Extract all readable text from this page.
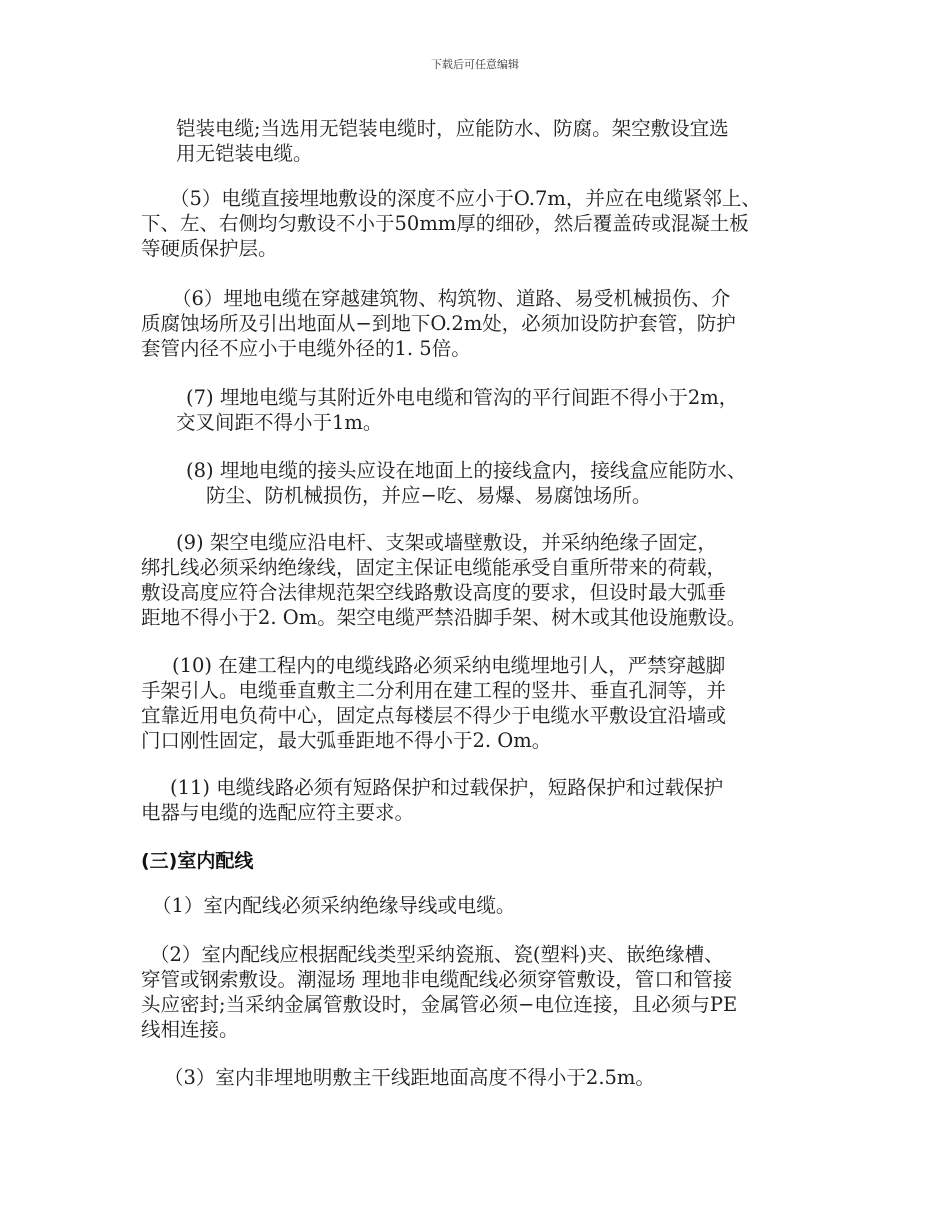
下载后可任意编辑
铠装电缆;当选用无铠装电缆时，应能防水、防腐。架空敷设宜选
用无铠装电缆。
（5）电缆直接埋地敷设的深度不应小于O.7m，并应在电缆紧邻上、
下、左、右侧均匀敷设不小于50mm厚的细砂，然后覆盖砖或混凝土板
等硬质保护层。
（6）埋地电缆在穿越建筑物、构筑物、道路、易受机械损伤、介
质腐蚀场所及引出地面从−到地下O.2m处，必须加设防护套管，防护
套管内径不应小于电缆外径的1. 5倍。
(7) 埋地电缆与其附近外电电缆和管沟的平行间距不得小于2m，
交叉间距不得小于1m。
(8) 埋地电缆的接头应设在地面上的接线盒内，接线盒应能防水、
防尘、防机械损伤，并应−吃、易爆、易腐蚀场所。
(9) 架空电缆应沿电杆、支架或墙壁敷设，并采纳绝缘子固定，
绑扎线必须采纳绝缘线，固定主保证电缆能承受自重所带来的荷载，
敷设高度应符合法律规范架空线路敷设高度的要求，但设时最大弧垂
距地不得小于2. Om。架空电缆严禁沿脚手架、树木或其他设施敷设。
(10) 在建工程内的电缆线路必须采纳电缆埋地引人，严禁穿越脚
手架引人。电缆垂直敷主二分利用在建工程的竖井、垂直孔洞等，并
宜靠近用电负荷中心，固定点每楼层不得少于电缆水平敷设宜沿墙或
门口刚性固定，最大弧垂距地不得小于2. Om。
(11) 电缆线路必须有短路保护和过载保护，短路保护和过载保护
电器与电缆的选配应符主要求。
(三)室内配线
（1）室内配线必须采纳绝缘导线或电缆。
（2）室内配线应根据配线类型采纳瓷瓶、瓷(塑料)夹、嵌绝缘槽、
穿管或钢索敷设。潮湿场 理地非电缆配线必须穿管敷设，管口和管接
头应密封;当采纳金属管敷设时，金属管必须−电位连接，且必须与PE
线相连接。
（3）室内非埋地明敷主干线距地面高度不得小于2.5m。
